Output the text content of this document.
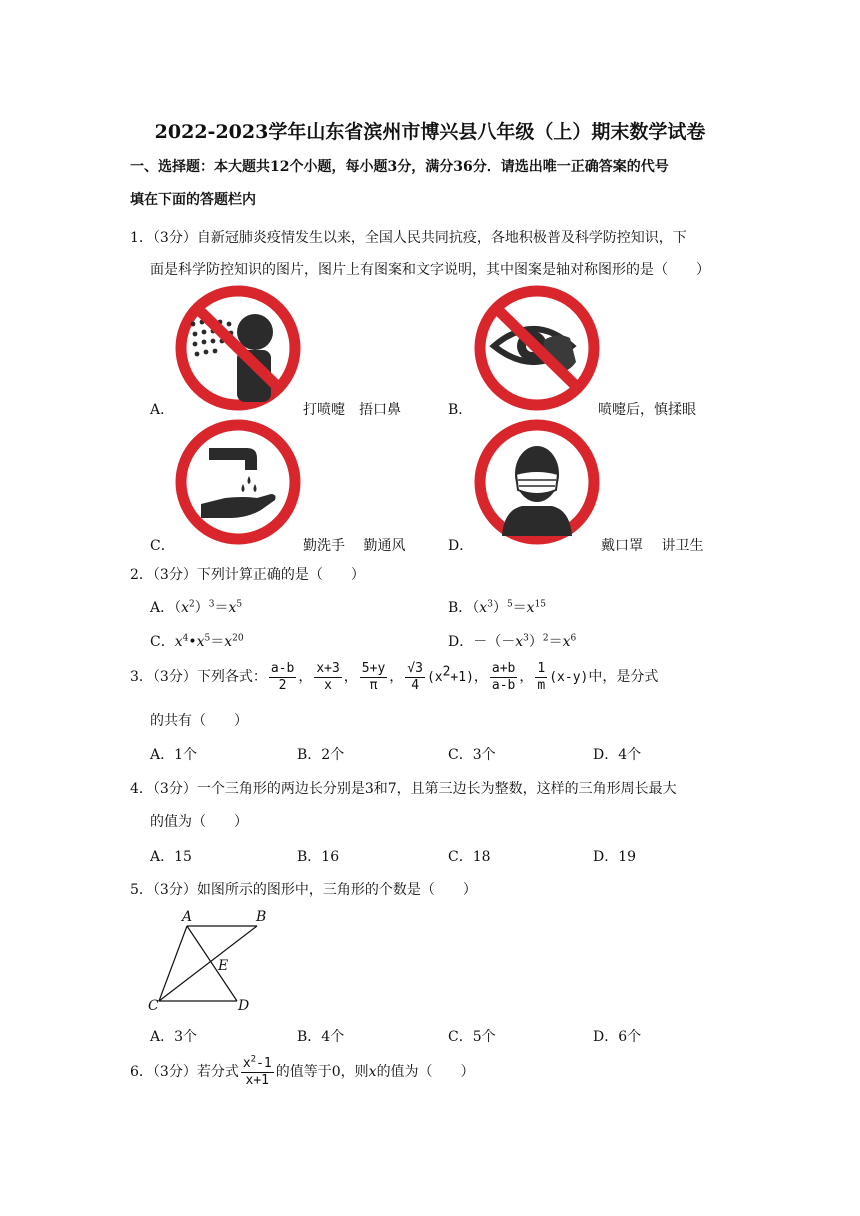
2022-2023学年山东省滨州市博兴县八年级（上）期末数学试卷
一、选择题：本大题共12个小题，每小题3分，满分36分．请选出唯一正确答案的代号
填在下面的答题栏内
1．（3分）自新冠肺炎疫情发生以来，全国人民共同抗疫，各地积极普及科学防控知识，下
面是科学防控知识的图片，图片上有图案和文字说明，其中图案是轴对称图形的是（　　）
A．	打喷嚏　捂口鼻	B．	喷嚏后，慎揉眼
C．	勤洗手　 勤通风	D．	戴口罩　 讲卫生
2．（3分）下列计算正确的是（　　）
A．$(x^2)^3=x^5$	B．$(x^3)^5=x^{15}$
C．$x^4•x^5=x^{20}$	D．$-(-x^3)^2=x^6$
3．（3分）下列各式： $\frac{a-b}{2}$ ， $\frac{x+3}{x}$ ， $\frac{5+y}{\pi}$ ， $\frac{√3}{4} (x^2+1)$， $\frac{a+b}{a-b}$ ， $\frac{1}{m} (x-y)$中，是分式
的共有（　　）
A．1个	B．2个	C．3个	D．4个
4．（3分）一个三角形的两边长分别是3和7，且第三边长为整数，这样的三角形周长最大
的值为（　　）
A．15	B．16	C．18	D．19
5．（3分）如图所示的图形中，三角形的个数是（　　）
A	B
C	D
E
A．3个	B．4个	C．5个	D．6个
6．（3分）若分式 $\frac{x^2-1}{x+1}$ 的值等于0，则x的值为（　　）
